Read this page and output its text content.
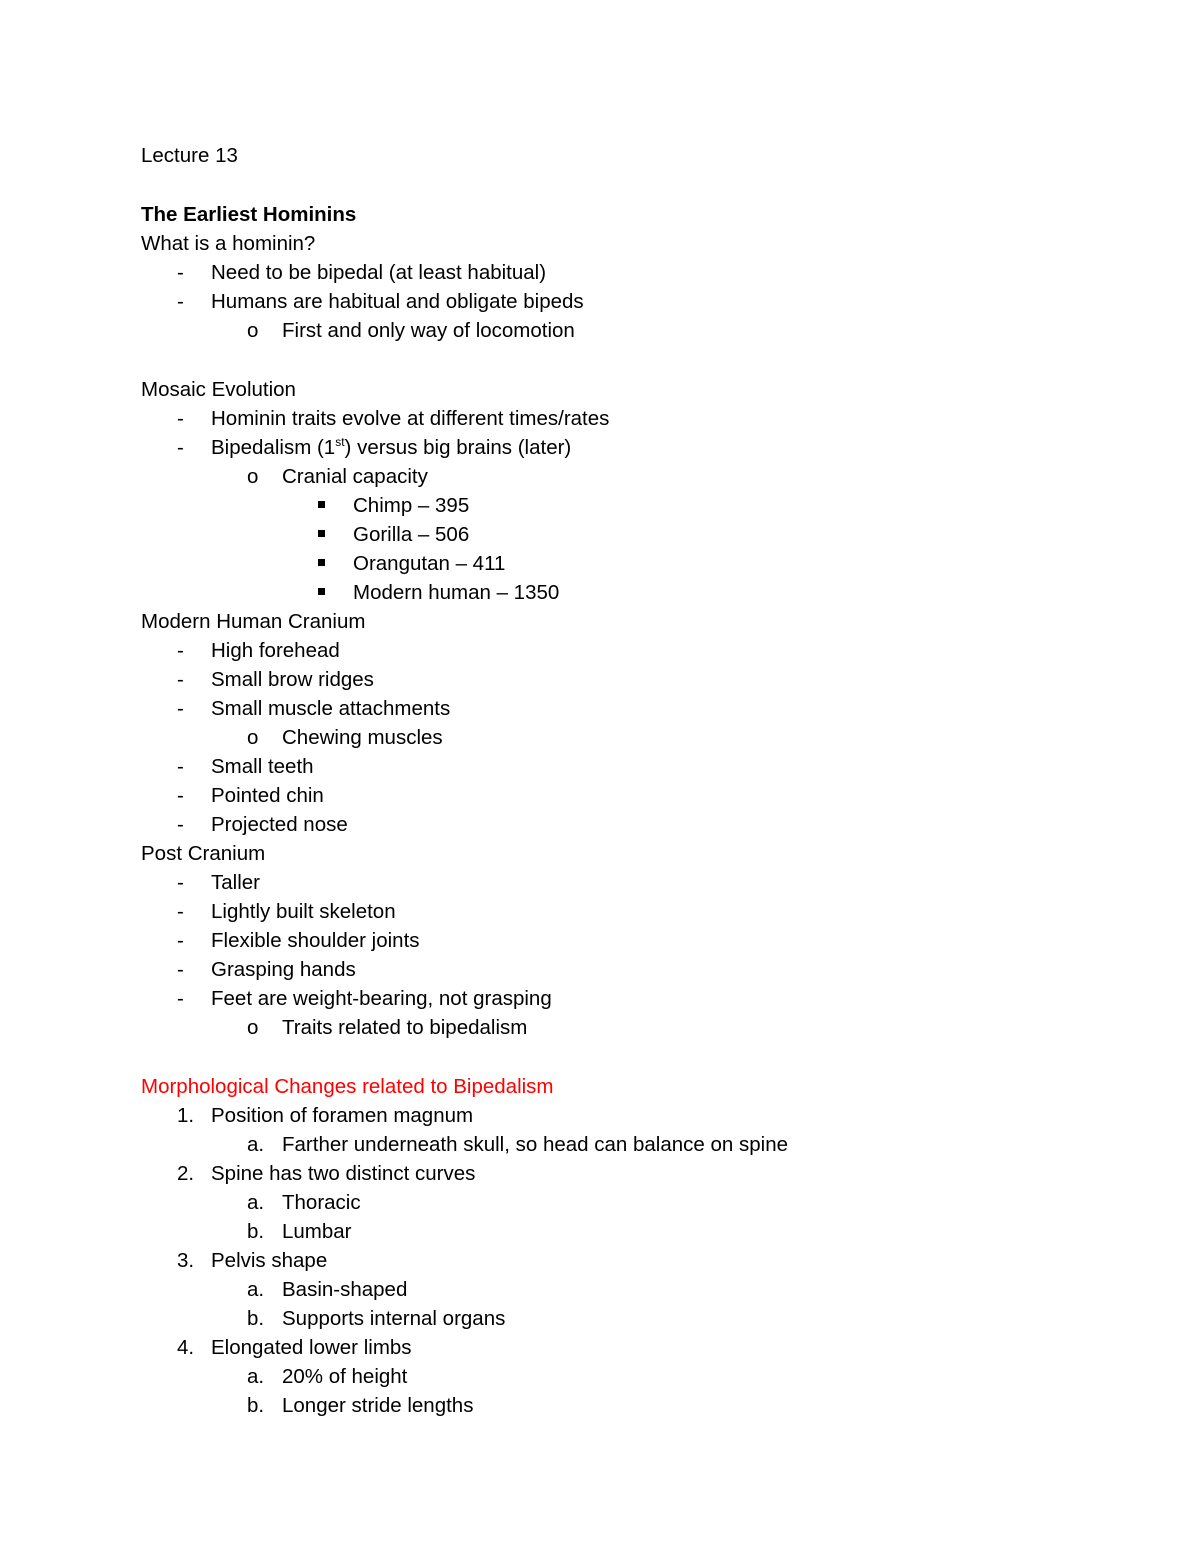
Lecture 13
The Earliest Hominins
What is a hominin?
- Need to be bipedal (at least habitual)
- Humans are habitual and obligate bipeds
o First and only way of locomotion
Mosaic Evolution
- Hominin traits evolve at different times/rates
- Bipedalism (1st) versus big brains (later)
o Cranial capacity
Chimp – 395
Gorilla – 506
Orangutan – 411
Modern human – 1350
Modern Human Cranium
- High forehead
- Small brow ridges
- Small muscle attachments
o Chewing muscles
- Small teeth
- Pointed chin
- Projected nose
Post Cranium
- Taller
- Lightly built skeleton
- Flexible shoulder joints
- Grasping hands
- Feet are weight-bearing, not grasping
o Traits related to bipedalism
Morphological Changes related to Bipedalism
1. Position of foramen magnum
a. Farther underneath skull, so head can balance on spine
2. Spine has two distinct curves
a. Thoracic
b. Lumbar
3. Pelvis shape
a. Basin-shaped
b. Supports internal organs
4. Elongated lower limbs
a. 20% of height
b. Longer stride lengths
